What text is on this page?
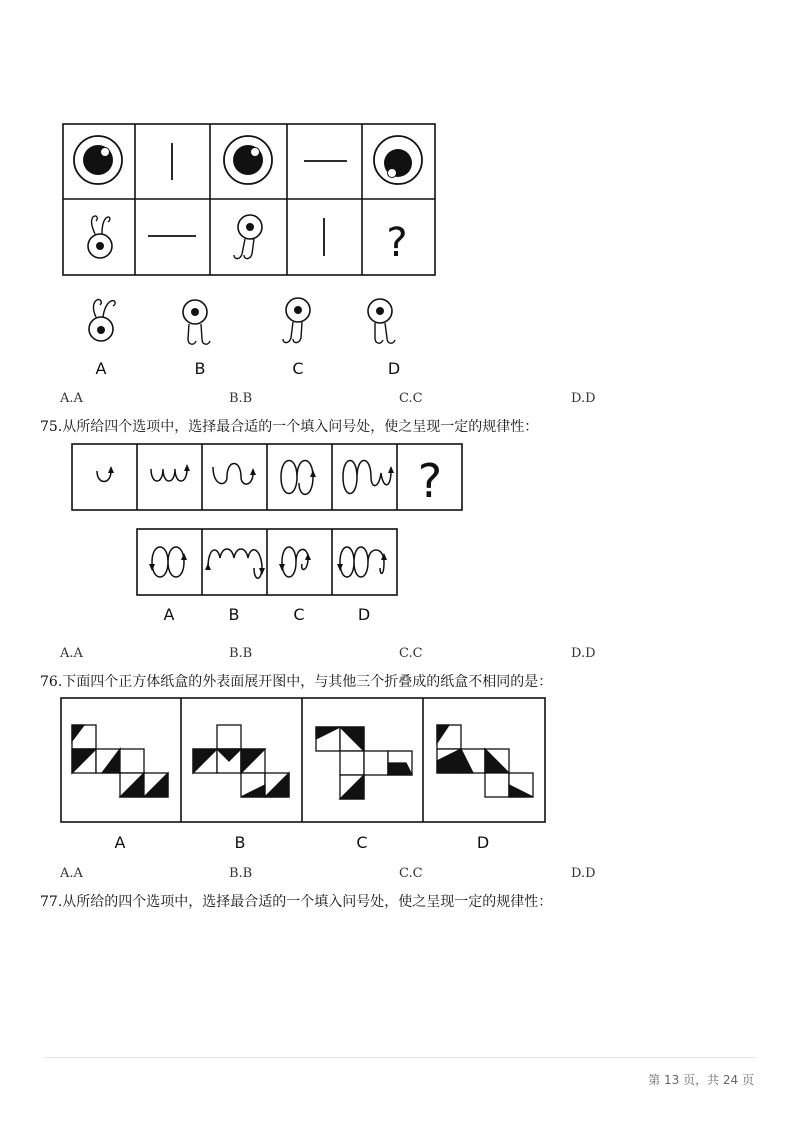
?
A	B	C	D
A.A	B.B	C.C	D.D
75.从所给四个选项中，选择最合适的一个填入问号处，使之呈现一定的规律性：
?
A	B	C	D
A.A	B.B	C.C	D.D
76.下面四个正方体纸盒的外表面展开图中，与其他三个折叠成的纸盒不相同的是：
A	B	C	D
A.A	B.B	C.C	D.D
77.从所给的四个选项中，选择最合适的一个填入问号处，使之呈现一定的规律性：
第 13 页，共 24 页
